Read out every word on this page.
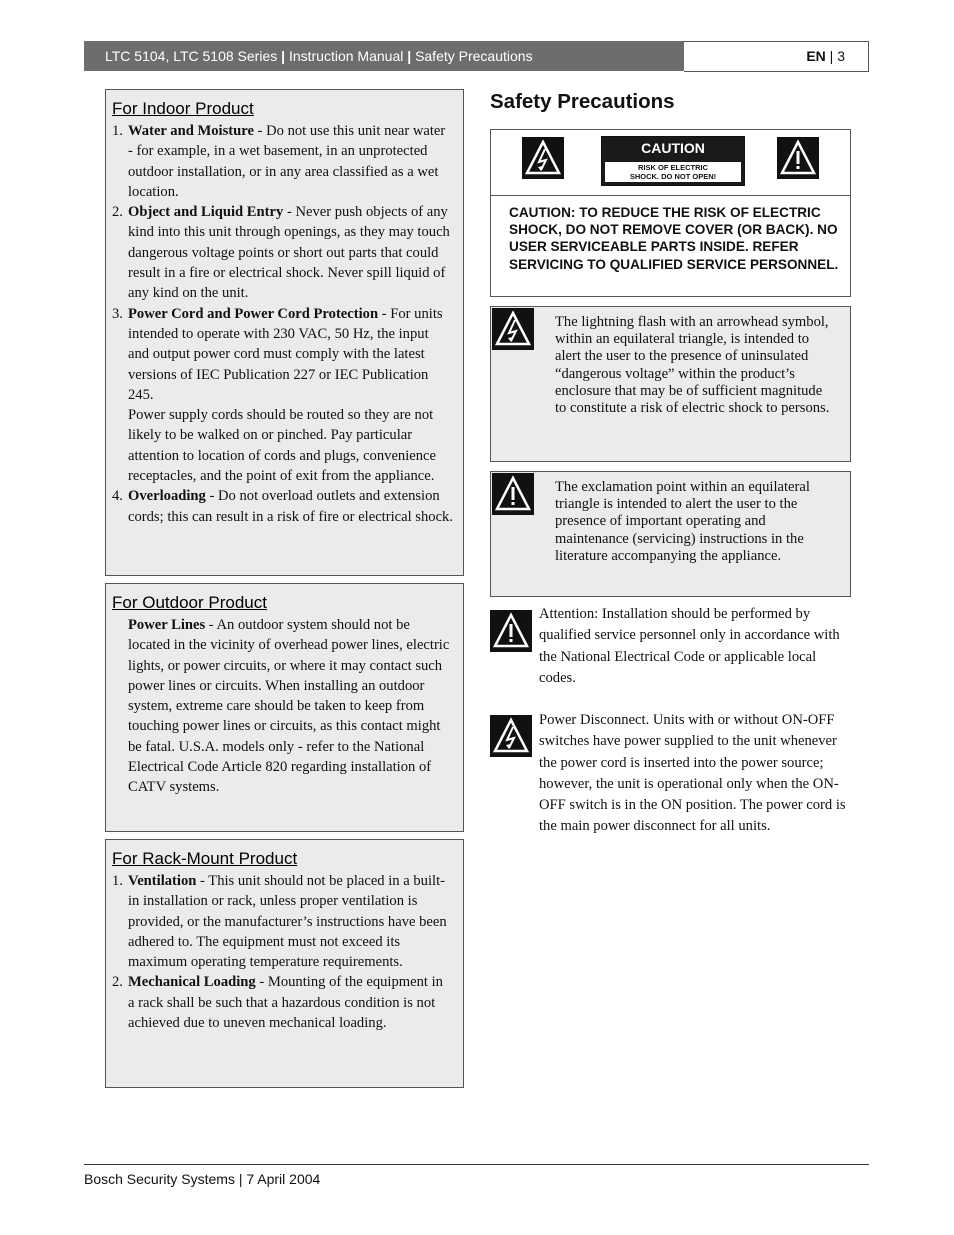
LTC 5104, LTC 5108 Series | Instruction Manual | Safety Precautions	EN | 3
For Indoor Product
1. Water and Moisture - Do not use this unit near water - for example, in a wet basement, in an unprotected outdoor installation, or in any area classified as a wet location.
2. Object and Liquid Entry - Never push objects of any kind into this unit through openings, as they may touch dangerous voltage points or short out parts that could result in a fire or electrical shock. Never spill liquid of any kind on the unit.
3. Power Cord and Power Cord Protection - For units intended to operate with 230 VAC, 50 Hz, the input and output power cord must comply with the latest versions of IEC Publication 227 or IEC Publication 245.
Power supply cords should be routed so they are not likely to be walked on or pinched. Pay particular attention to location of cords and plugs, convenience receptacles, and the point of exit from the appliance.
4. Overloading - Do not overload outlets and extension cords; this can result in a risk of fire or electrical shock.
For Outdoor Product

Power Lines - An outdoor system should not be located in the vicinity of overhead power lines, electric lights, or power circuits, or where it may contact such power lines or circuits. When installing an outdoor system, extreme care should be taken to keep from touching power lines or circuits, as this contact might be fatal. U.S.A. models only - refer to the National Electrical Code Article 820 regarding installation of CATV systems.

For Rack-Mount Product
1. Ventilation - This unit should not be placed in a built-in installation or rack, unless proper ventilation is provided, or the manufacturer’s instructions have been adhered to. The equipment must not exceed its maximum operating temperature requirements.
2. Mechanical Loading - Mounting of the equipment in a rack shall be such that a hazardous condition is not achieved due to uneven mechanical loading.
Safety Precautions
CAUTION
RISK OF ELECTRIC
SHOCK. DO NOT OPEN!
CAUTION: TO REDUCE THE RISK OF ELECTRIC SHOCK, DO NOT REMOVE COVER (OR BACK). NO USER SERVICEABLE PARTS INSIDE. REFER SERVICING TO QUALIFIED SERVICE PERSONNEL.
The lightning flash with an arrowhead symbol, within an equilateral triangle, is intended to alert the user to the presence of uninsulated “dangerous voltage” within the product’s enclosure that may be of sufficient magnitude to constitute a risk of electric shock to persons.
The exclamation point within an equilateral triangle is intended to alert the user to the presence of important operating and maintenance (servicing) instructions in the literature accompanying the appliance.
Attention: Installation should be performed by qualified service personnel only in accordance with the National Electrical Code or applicable local codes.
Power Disconnect. Units with or without ON-OFF switches have power supplied to the unit whenever the power cord is inserted into the power source; however, the unit is operational only when the ON-OFF switch is in the ON position. The power cord is the main power disconnect for all units.
Bosch Security Systems | 7 April 2004
